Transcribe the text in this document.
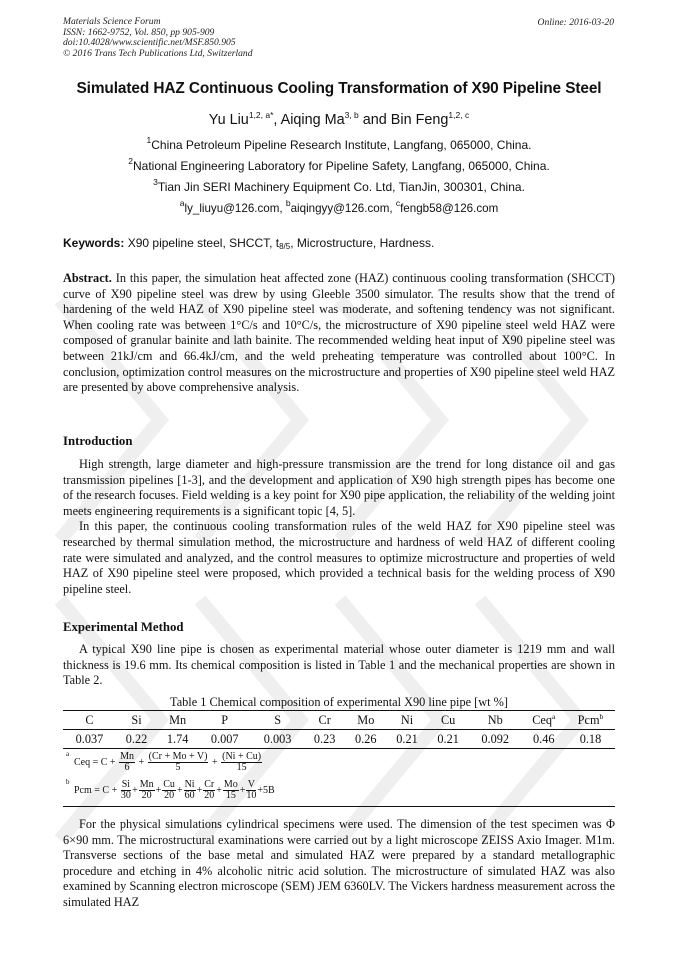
Materials Science Forum
ISSN: 1662-9752, Vol. 850, pp 905-909
doi:10.4028/www.scientific.net/MSF.850.905
© 2016 Trans Tech Publications Ltd, Switzerland
Online: 2016-03-20
Simulated HAZ Continuous Cooling Transformation of X90 Pipeline Steel
Yu Liu$^{1,2, a*}$, Aiqing Ma$^{3, b}$ and Bin Feng$^{1,2, c}$
$^1$China Petroleum Pipeline Research Institute, Langfang, 065000, China.
$^2$National Engineering Laboratory for Pipeline Safety, Langfang, 065000, China.
$^3$Tian Jin SERI Machinery Equipment Co. Ltd, TianJin, 300301, China.
$^a$ly_liuyu@126.com, $^b$aiqingyy@126.com, $^c$fengb58@126.com
Keywords: X90 pipeline steel, SHCCT, $t_{8/5}$, Microstructure, Hardness.

Abstract. In this paper, the simulation heat affected zone (HAZ) continuous cooling transformation (SHCCT) curve of X90 pipeline steel was drew by using Gleeble 3500 simulator. The results show that the trend of hardening of the weld HAZ of X90 pipeline steel was moderate, and softening tendency was not significant. When cooling rate was between 1°C/s and 10°C/s, the microstructure of X90 pipeline steel weld HAZ were composed of granular bainite and lath bainite. The recommended welding heat input of X90 pipeline steel was between 21kJ/cm and 66.4kJ/cm, and the weld preheating temperature was controlled about 100°C. In conclusion, optimization control measures on the microstructure and properties of X90 pipeline steel weld HAZ are presented by above comprehensive analysis.

Introduction

High strength, large diameter and high-pressure transmission are the trend for long distance oil and gas transmission pipelines [1-3], and the development and application of X90 high strength pipes has become one of the research focuses. Field welding is a key point for X90 pipe application, the reliability of the welding joint meets engineering requirements is a significant topic [4, 5].

In this paper, the continuous cooling transformation rules of the weld HAZ for X90 pipeline steel was researched by thermal simulation method, the microstructure and hardness of weld HAZ of different cooling rate were simulated and analyzed, and the control measures to optimize microstructure and properties of weld HAZ of X90 pipeline steel were proposed, which provided a technical basis for the welding process of X90 pipeline steel.

Experimental Method

A typical X90 line pipe is chosen as experimental material whose outer diameter is 1219 mm and wall thickness is 19.6 mm. Its chemical composition is listed in Table 1 and the mechanical properties are shown in Table 2.

Table 1 Chemical composition of experimental X90 line pipe [wt %]
C	Si	Mn	P	S	Cr	Mo	Ni	Cu	Nb	Ceq$^a$	Pcm$^b$
0.037	0.22	1.74	0.007	0.003	0.23	0.26	0.21	0.21	0.092	0.46	0.18
a
Ceq = $C + \frac{Mn}{6} + \frac{(Cr + Mo + V)}{5} + \frac{(Ni + Cu)}{15}$
b
Pcm = $C + \frac{Si}{30} + \frac{Mn}{20} + \frac{Cu}{20} + \frac{Ni}{60} + \frac{Cr}{20} + \frac{Mo}{15} + \frac{V}{10} +5B$

For the physical simulations cylindrical specimens were used. The dimension of the test specimen was Φ 6×90 mm. The microstructural examinations were carried out by a light microscope ZEISS Axio Imager. M1m. Transverse sections of the base metal and simulated HAZ were prepared by a standard metallographic procedure and etching in 4% alcoholic nitric acid solution. The microstructure of simulated HAZ was also examined by Scanning electron microscope (SEM) JEM 6360LV. The Vickers hardness measurement across the simulated HAZ
